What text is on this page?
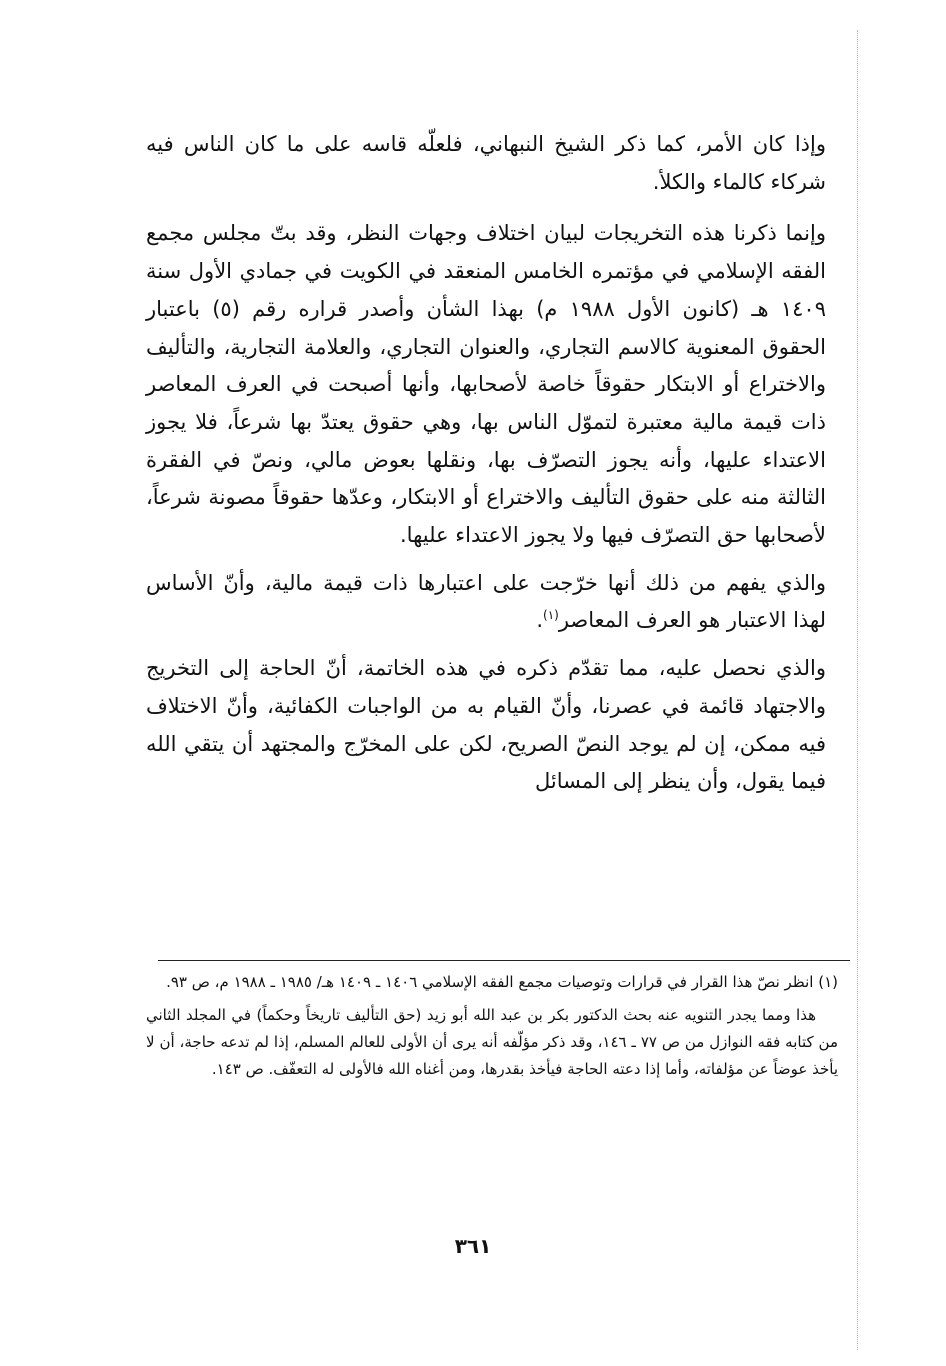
وإذا كان الأمر، كما ذكر الشيخ النبهاني، فلعلّه قاسه على ما كان الناس فيه شركاء كالماء والكلأ.

وإنما ذكرنا هذه التخريجات لبيان اختلاف وجهات النظر، وقد بتّ مجلس مجمع الفقه الإسلامي في مؤتمره الخامس المنعقد في الكويت في جمادي الأول سنة ١٤٠٩ هـ (كانون الأول ١٩٨٨ م) بهذا الشأن وأصدر قراره رقم (٥) باعتبار الحقوق المعنوية كالاسم التجاري، والعنوان التجاري، والعلامة التجارية، والتأليف والاختراع أو الابتكار حقوقاً خاصة لأصحابها، وأنها أصبحت في العرف المعاصر ذات قيمة مالية معتبرة لتموّل الناس بها، وهي حقوق يعتدّ بها شرعاً، فلا يجوز الاعتداء عليها، وأنه يجوز التصرّف بها، ونقلها بعوض مالي، ونصّ في الفقرة الثالثة منه على حقوق التأليف والاختراع أو الابتكار، وعدّها حقوقاً مصونة شرعاً، لأصحابها حق التصرّف فيها ولا يجوز الاعتداء عليها.

والذي يفهم من ذلك أنها خرّجت على اعتبارها ذات قيمة مالية، وأنّ الأساس لهذا الاعتبار هو العرف المعاصر$^{(١)}$.

والذي نحصل عليه، مما تقدّم ذكره في هذه الخاتمة، أنّ الحاجة إلى التخريج والاجتهاد قائمة في عصرنا، وأنّ القيام به من الواجبات الكفائية، وأنّ الاختلاف فيه ممكن، إن لم يوجد النصّ الصريح، لكن على المخرّج والمجتهد أن يتقي الله فيما يقول، وأن ينظر إلى المسائل

(١) انظر نصّ هذا القرار في قرارات وتوصيات مجمع الفقه الإسلامي ١٤٠٦ ـ ١٤٠٩ هـ/ ١٩٨٥ ـ ١٩٨٨ م، ص ٩٣.

هذا ومما يجدر التنويه عنه بحث الدكتور بكر بن عبد الله أبو زيد (حق التأليف تاريخاً وحكماً) في المجلد الثاني من كتابه فقه النوازل من ص ٧٧ ـ ١٤٦، وقد ذكر مؤلّفه أنه يرى أن الأولى للعالم المسلم، إذا لم تدعه حاجة، أن لا يأخذ عوضاً عن مؤلفاته، وأما إذا دعته الحاجة فيأخذ بقدرها، ومن أغناه الله فالأولى له التعفّف. ص ١٤٣.

٣٦١
